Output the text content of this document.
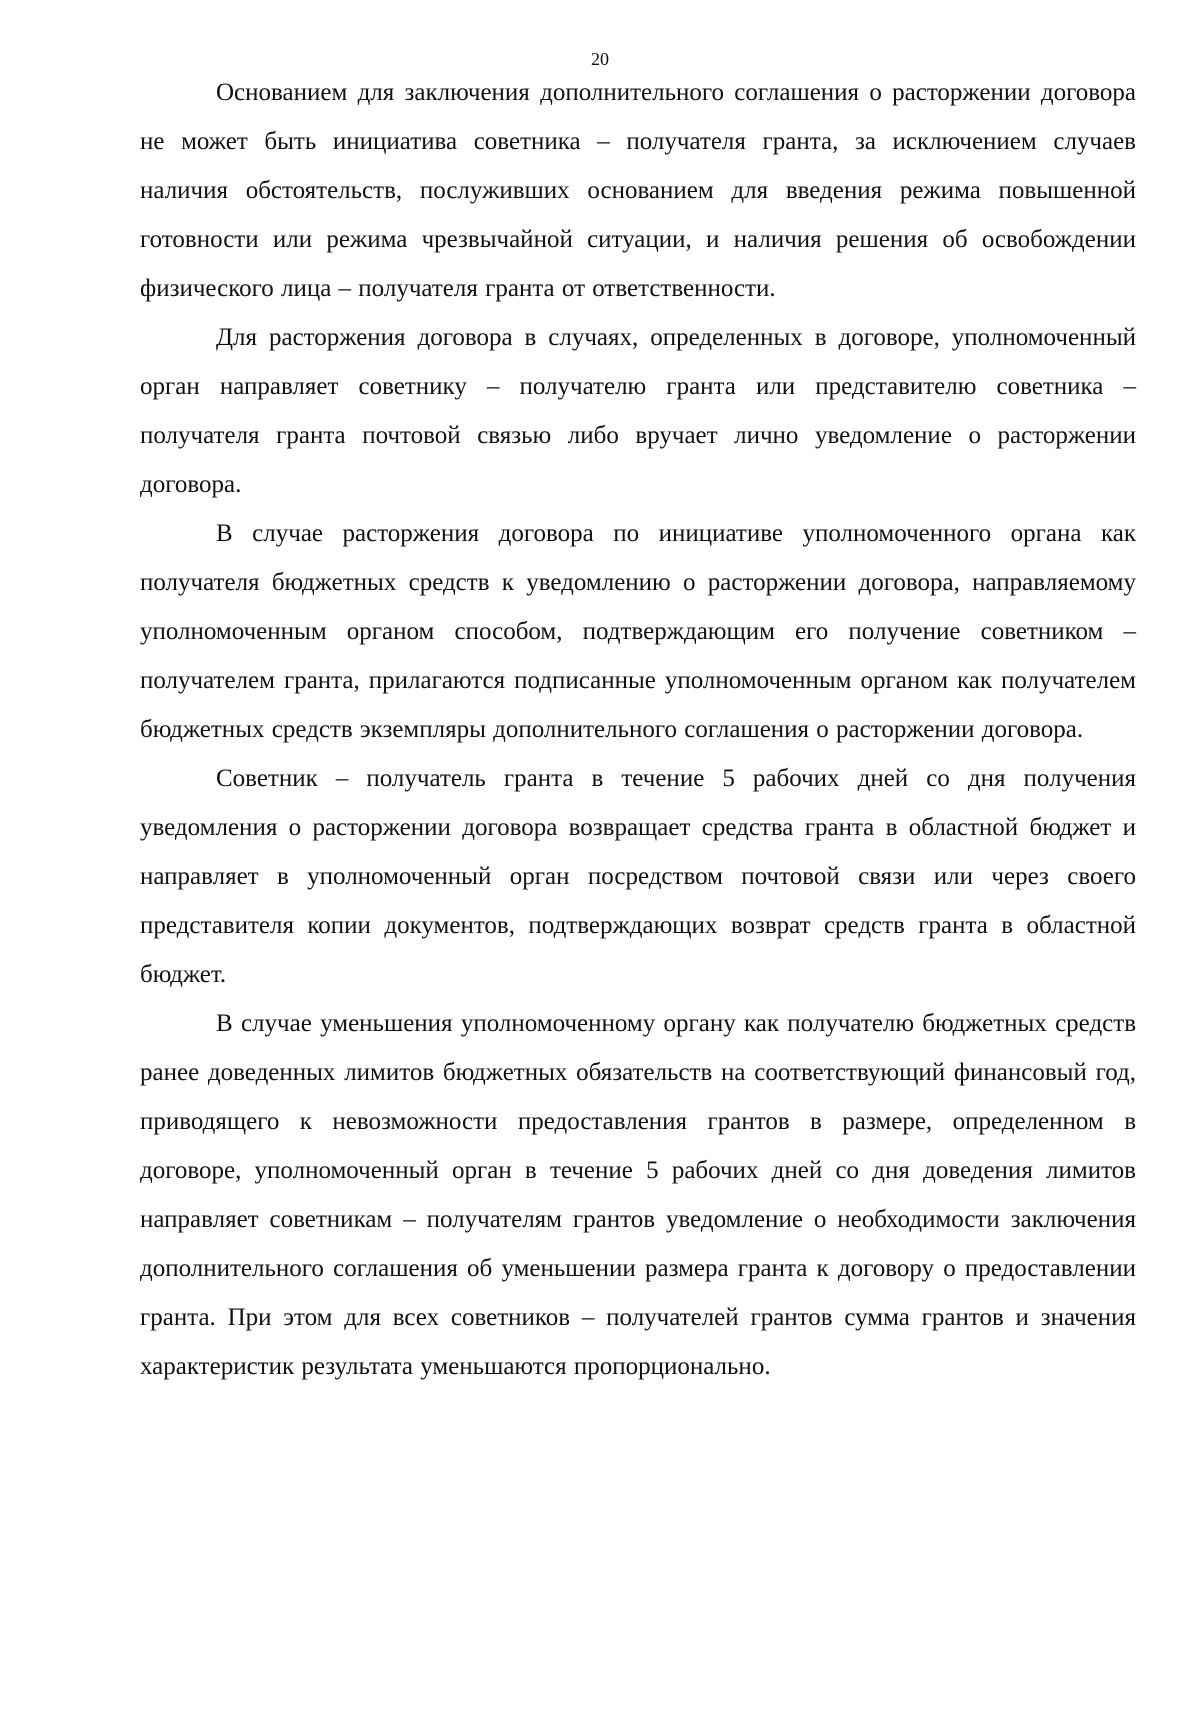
20

Основанием для заключения дополнительного соглашения о расторжении договора не может быть инициатива советника – получателя гранта, за исключением случаев наличия обстоятельств, послуживших основанием для введения режима повышенной готовности или режима чрезвычайной ситуации, и наличия решения об освобождении физического лица – получателя гранта от ответственности.

Для расторжения договора в случаях, определенных в договоре, уполномоченный орган направляет советнику – получателю гранта или представителю советника – получателя гранта почтовой связью либо вручает лично уведомление о расторжении договора.

В случае расторжения договора по инициативе уполномоченного органа как получателя бюджетных средств к уведомлению о расторжении договора, направляемому уполномоченным органом способом, подтверждающим его получение советником – получателем гранта, прилагаются подписанные уполномоченным органом как получателем бюджетных средств экземпляры дополнительного соглашения о расторжении договора.

Советник – получатель гранта в течение 5 рабочих дней со дня получения уведомления о расторжении договора возвращает средства гранта в областной бюджет и направляет в уполномоченный орган посредством почтовой связи или через своего представителя копии документов, подтверждающих возврат средств гранта в областной бюджет.

В случае уменьшения уполномоченному органу как получателю бюджетных средств ранее доведенных лимитов бюджетных обязательств на соответствующий финансовый год, приводящего к невозможности предоставления грантов в размере, определенном в договоре, уполномоченный орган в течение 5 рабочих дней со дня доведения лимитов направляет советникам – получателям грантов уведомление о необходимости заключения дополнительного соглашения об уменьшении размера гранта к договору о предоставлении гранта. При этом для всех советников – получателей грантов сумма грантов и значения характеристик результата уменьшаются пропорционально.
